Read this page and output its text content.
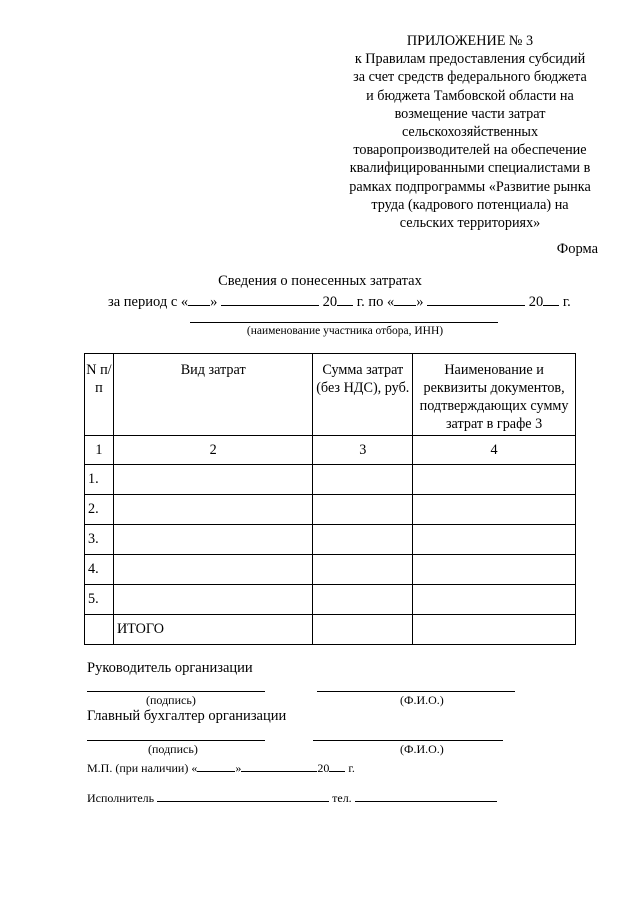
ПРИЛОЖЕНИЕ № 3
к Правилам предоставления субсидий
за счет средств федерального бюджета
и бюджета Тамбовской области на
возмещение части затрат
сельскохозяйственных
товаропроизводителей на обеспечение
квалифицированными специалистами в
рамках подпрограммы «Развитие рынка
труда (кадрового потенциала) на
сельских территориях»
Форма
Сведения о понесенных затратах
за период с « »	20 г. по « »	20 г.
(наименование участника отбора, ИНН)
N п/п	Вид затрат	Сумма затрат (без НДС), руб.	Наименование и реквизиты документов, подтверждающих сумму затрат в графе 3
1	2	3	4
1.			
2.			
3.			
4.			
5.			
	ИТОГО		
Руководитель организации
(подпись)	(Ф.И.О.)
Главный бухгалтер организации
(подпись)	(Ф.И.О.)
М.П. (при наличии) «	»	20 г.
Исполнитель	тел.
